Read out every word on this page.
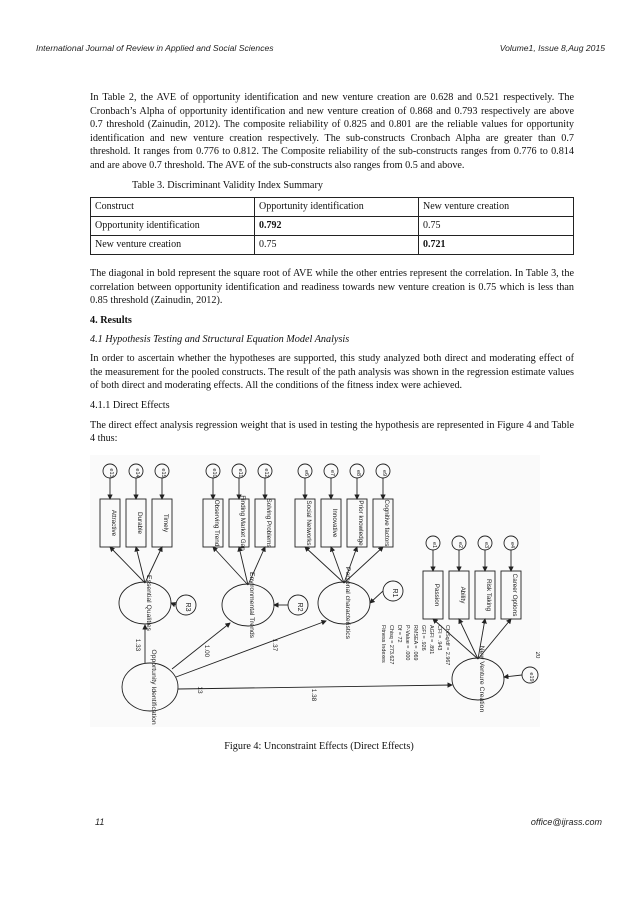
International Journal of Review in Applied and Social Sciences	Volume1, Issue 8,Aug 2015

In Table 2, the AVE of opportunity identification and new venture creation are 0.628 and 0.521 respectively. The Cronbach’s Alpha of opportunity identification and new venture creation of 0.868 and 0.793 respectively are above 0.7 threshold (Zainudin, 2012). The composite reliability of 0.825 and 0.801 are the reliable values for opportunity identification and new venture creation respectively. The sub-constructs Cronbach Alpha are greater than 0.7 threshold. It ranges from 0.776 to 0.812. The Composite reliability of the sub-constructs ranges from 0.776 to 0.814 and are above 0.7 threshold. The AVE of the sub-constructs also ranges from 0.5 and above.

Table 3. Discriminant Validity Index Summary
Construct	Opportunity identification	New venture creation
Opportunity identification	0.792	0.75
New venture creation	0.75	0.721

The diagonal in bold represent the square root of AVE while the other entries represent the correlation. In Table 3, the correlation between opportunity identification and readiness towards new venture creation is 0.75 which is less than 0.85 threshold (Zainudin, 2012).

4. Results

4.1 Hypothesis Testing and Structural Equation Model Analysis

In order to ascertain whether the hypotheses are supported, this study analyzed both direct and moderating effect of the measurement for the pooled constructs. The result of the path analysis was shown in the regression estimate values of both direct and moderating effects. All the conditions of the fitness index were achieved.

4.1.1 Direct Effects

The direct effect analysis regression weight that is used in testing the hypothesis are represented in Figure 4 and Table 4 thus:

Attractive
e13
Durable
e14
Timely
e15
Essential Qualities	R3
Observing Trend
e10
Finding Market Gap
e11
Solving Problems
e12
Environmental Trends	R2
Social Networks
e6
Innovative
e7
Prior knowledge
e8
Cognitive factors
e9
Personal characteristics	R1	Passion
e1
Ability
e2
Risk Taking
e3
Career Options
e4
New Venture Creation
Opportunity Identification	13
1.33	1.00	1.37
1.38
e19
20
Fitness Indexes Chisq = 273.627 Df = 72 P-Value = .000 RMSEA = .069 GFI = .926 AGFI = .891 CFI = .943 ChiSq/df = 2.967
Figure 4: Unconstraint Effects (Direct Effects)
11	office@ijrass.com
